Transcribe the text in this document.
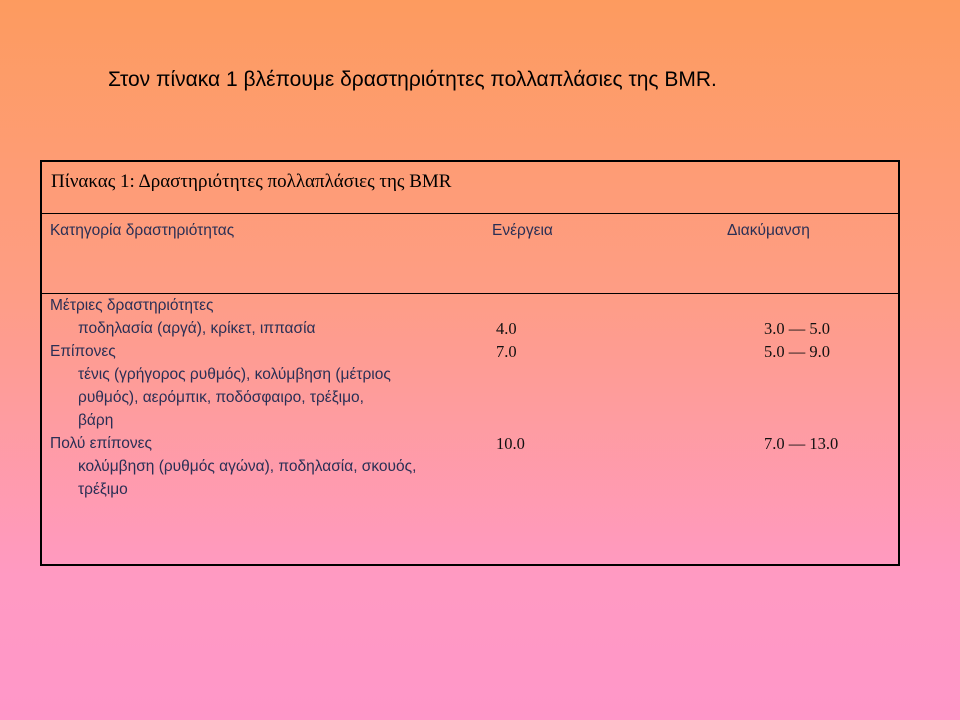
Στον πίνακα 1 βλέπουμε δραστηριότητες πολλαπλάσιες της BMR.
Πίνακας 1: Δραστηριότητες πολλαπλάσιες της BMR
Κατηγορία δραστηριότητας	Ενέργεια	Διακύμανση
Μέτριες δραστηριότητες
ποδηλασία (αργά), κρίκετ, ιππασία	4.0	3.0 — 5.0
Επίπονες	7.0	5.0 — 9.0
τένις (γρήγορος ρυθμός), κολύμβηση (μέτριος
ρυθμός), αερόμπικ, ποδόσφαιρο, τρέξιμο,
βάρη
Πολύ επίπονες	10.0	7.0 — 13.0
κολύμβηση (ρυθμός αγώνα), ποδηλασία, σκουός,
τρέξιμο
